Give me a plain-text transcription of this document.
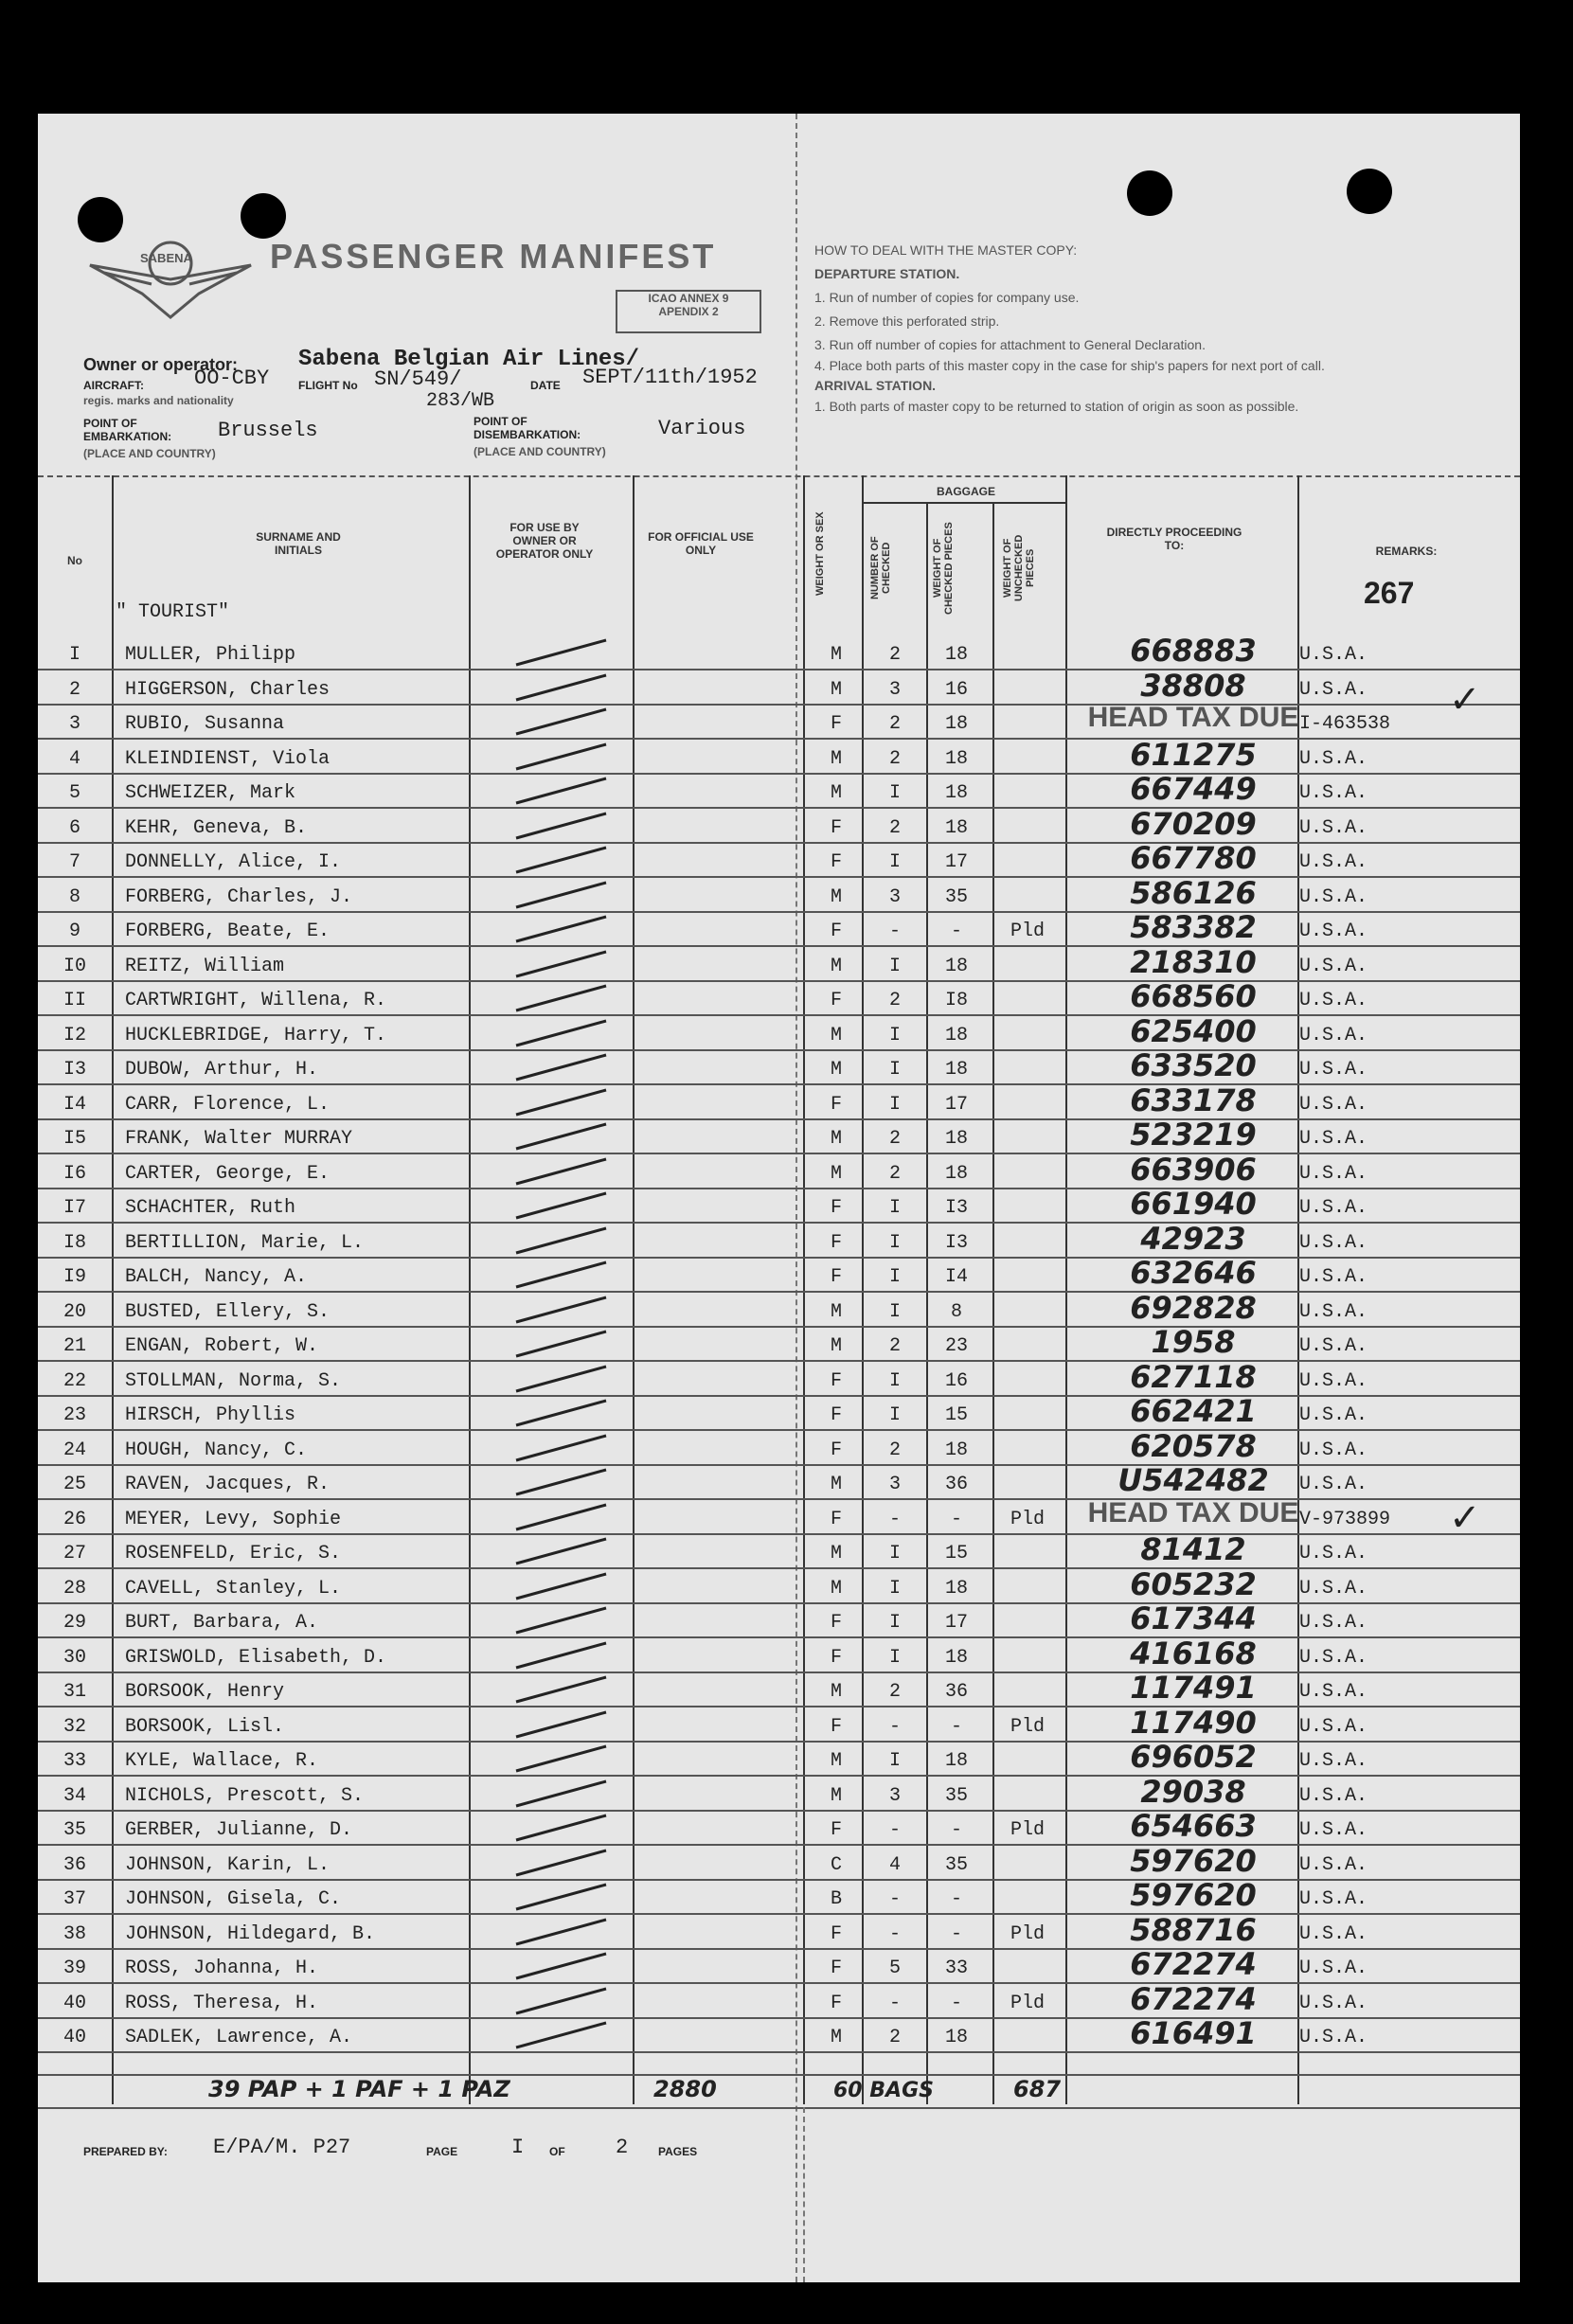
SABENA PASSENGER MANIFEST
ICAO ANNEX 9
APENDIX 2
Owner or operator:	Sabena Belgian Air Lines/
AIRCRAFT: OO-CBY
regis. marks and nationality
FLIGHT No SN/549/
283/WB
DATE SEPT/11th/1952
POINT OF EMBARKATION:	Brussels
(PLACE AND COUNTRY)
POINT OF DISEMBARKATION:	Various
(PLACE AND COUNTRY)
HOW TO DEAL WITH THE MASTER COPY:
DEPARTURE STATION.
1. Run of number of copies for company use.
2. Remove this perforated strip.
3. Run off number of copies for attachment to General Declaration.
4. Place both parts of this master copy in the case for ship's papers for next port of call.
ARRIVAL STATION.
1. Both parts of master copy to be returned to station of origin as soon as possible.
No
SURNAME AND INITIALS
FOR USE BY OWNER OR OPERATOR ONLY
FOR OFFICIAL USE ONLY	WEIGHT OR SEX
BAGGAGE
NUMBER OF CHECKED	WEIGHT OF CHECKED PIECES	WEIGHT OF UNCHECKED PIECES
DIRECTLY PROCEEDING TO:	REMARKS:
267
" TOURIST"
I	MULLER, Philipp	M	2	18	668883	U.S.A.
2	HIGGERSON, Charles	M	3	16	38808	U.S.A.
3	RUBIO, Susanna	F	2	18	HEAD TAX DUE I-463538
4	KLEINDIENST, Viola	M	2	18	611275	U.S.A.
5	SCHWEIZER, Mark	M	I	18	667449	U.S.A.
6	KEHR, Geneva, B.	F	2	18	670209	U.S.A.
7	DONNELLY, Alice, I.	F	I	17	667780	U.S.A.
8	FORBERG, Charles, J.	M	3	35	586126	U.S.A.
9	FORBERG, Beate, E.	F	-	-	Pld	583382	U.S.A.
I0	REITZ, William	M	I	18	218310	U.S.A.
II	CARTWRIGHT, Willena, R.	F	2	I8	668560	U.S.A.
I2	HUCKLEBRIDGE, Harry, T.	M	I	18	625400	U.S.A.
I3	DUBOW, Arthur, H.	M	I	18	633520	U.S.A.
I4	CARR, Florence, L.	F	I	17	633178	U.S.A.
I5	FRANK, Walter MURRAY	M	2	18	523219	U.S.A.
I6	CARTER, George, E.	M	2	18	663906	U.S.A.
I7	SCHACHTER, Ruth	F	I	I3	661940	U.S.A.
I8	BERTILLION, Marie, L.	F	I	I3	42923	U.S.A.
I9	BALCH, Nancy, A.	F	I	I4	632646	U.S.A.
20	BUSTED, Ellery, S.	M	I	8	692828	U.S.A.
21	ENGAN, Robert, W.	M	2	23	1958	U.S.A.
22	STOLLMAN, Norma, S.	F	I	16	627118	U.S.A.
23	HIRSCH, Phyllis	F	I	15	662421	U.S.A.
24	HOUGH, Nancy, C.	F	2	18	620578	U.S.A.
25	RAVEN, Jacques, R.	M	3	36	U542482	U.S.A.
26	MEYER, Levy, Sophie	F	-	-	Pld	HEAD TAX DUE V-973899
27	ROSENFELD, Eric, S.	M	I	15	81412	U.S.A.
28	CAVELL, Stanley, L.	M	I	18	605232	U.S.A.
29	BURT, Barbara, A.	F	I	17	617344	U.S.A.
30	GRISWOLD, Elisabeth, D.	F	I	18	416168	U.S.A.
31	BORSOOK, Henry	M	2	36	117491	U.S.A.
32	BORSOOK, Lisl.	F	-	-	Pld	117490	U.S.A.
33	KYLE, Wallace, R.	M	I	18	696052	U.S.A.
34	NICHOLS, Prescott, S.	M	3	35	29038	U.S.A.
35	GERBER, Julianne, D.	F	-	-	Pld	654663	U.S.A.
36	JOHNSON, Karin, L.	C	4	35	597620	U.S.A.
37	JOHNSON, Gisela, C.	B	-	-	597620	U.S.A.
38	JOHNSON, Hildegard, B.	F	-	-	Pld	588716	U.S.A.
39	ROSS, Johanna, H.	F	5	33	672274	U.S.A.
40	ROSS, Theresa, H.	F	-	-	Pld	672274	U.S.A.
40	SADLEK, Lawrence, A.	M	2	18	616491	U.S.A.
✓
✓
39 PAP + 1 PAF + 1 PAZ	2880	60 BAGS	687
PREPARED BY: E/PA/M. P27	PAGE	I OF 2	PAGES
